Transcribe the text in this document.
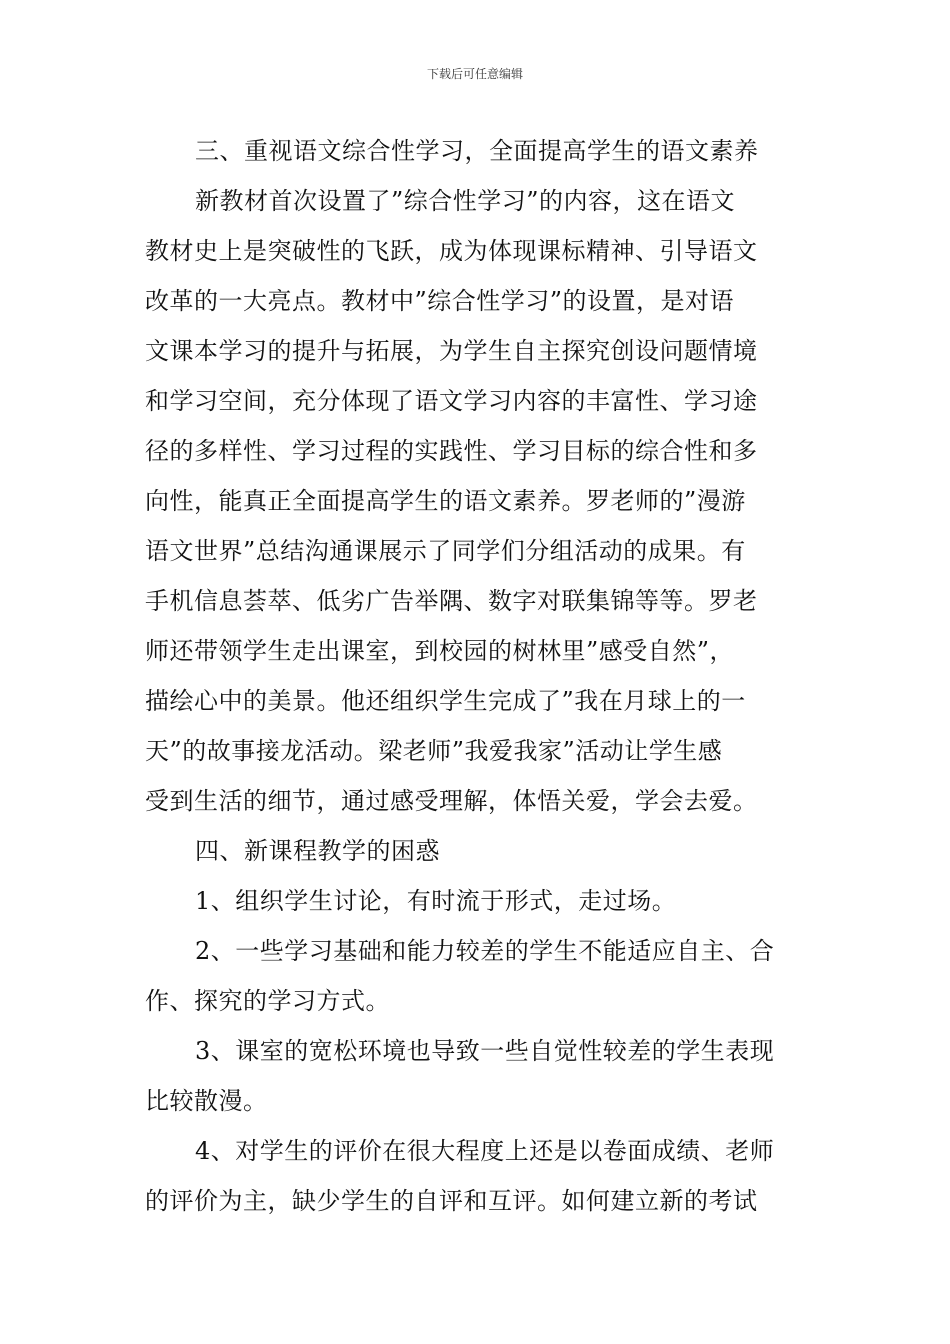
下载后可任意编辑
三、重视语文综合性学习，全面提高学生的语文素养
新教材首次设置了”综合性学习”的内容，这在语文
教材史上是突破性的飞跃，成为体现课标精神、引导语文
改革的一大亮点。教材中”综合性学习”的设置，是对语
文课本学习的提升与拓展，为学生自主探究创设问题情境
和学习空间，充分体现了语文学习内容的丰富性、学习途
径的多样性、学习过程的实践性、学习目标的综合性和多
向性，能真正全面提高学生的语文素养。罗老师的”漫游
语文世界”总结沟通课展示了同学们分组活动的成果。有
手机信息荟萃、低劣广告举隅、数字对联集锦等等。罗老
师还带领学生走出课室，到校园的树林里”感受自然”，
描绘心中的美景。他还组织学生完成了”我在月球上的一
天”的故事接龙活动。梁老师”我爱我家”活动让学生感
受到生活的细节，通过感受理解，体悟关爱，学会去爱。
四、新课程教学的困惑
1、组织学生讨论，有时流于形式，走过场。
2、一些学习基础和能力较差的学生不能适应自主、合
作、探究的学习方式。
3、课室的宽松环境也导致一些自觉性较差的学生表现
比较散漫。
4、对学生的评价在很大程度上还是以卷面成绩、老师
的评价为主，缺少学生的自评和互评。如何建立新的考试
